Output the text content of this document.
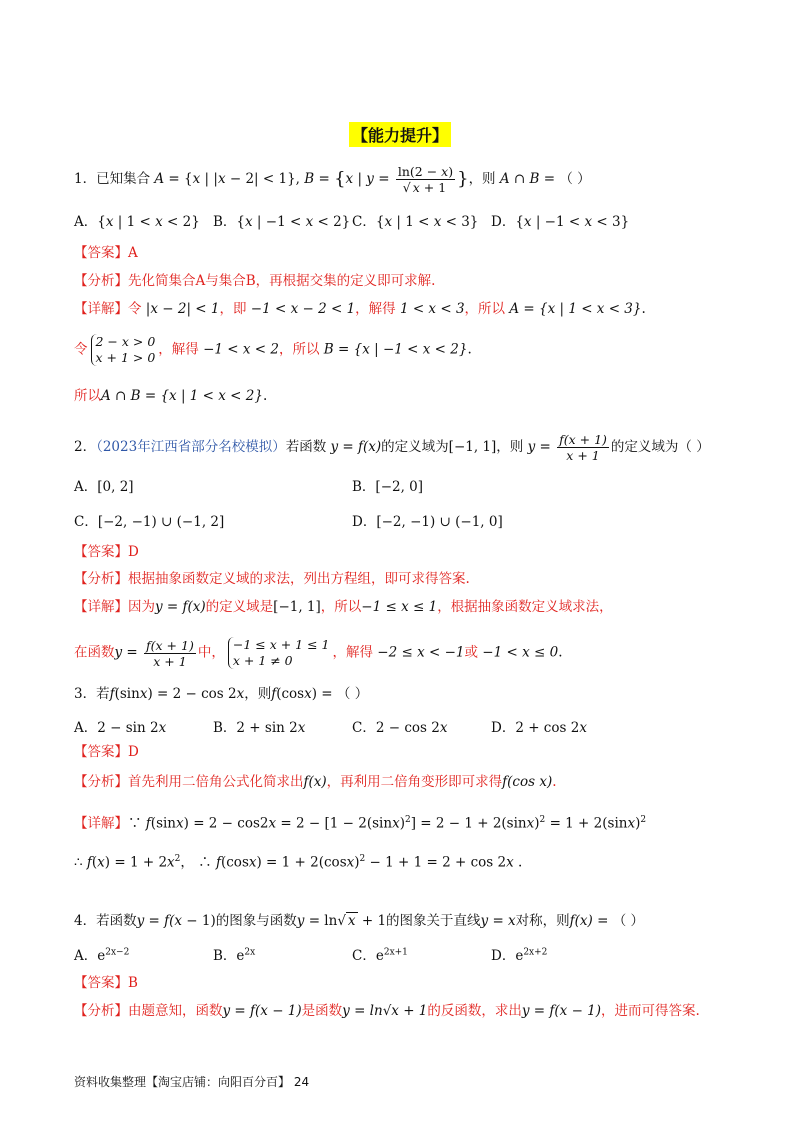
【能力提升】
1．已知集合 A = {x | |x − 2| < 1}, B = {x | $y = \frac{\ln(2 - x)}{√ x + 1}$ }，则 A ∩ B = （ ）
A．{x | 1 < x < 2} B．{x | −1 < x < 2} C．{x | 1 < x < 3} D．{x | −1 < x < 3}
【答案】A
【分析】先化简集合A与集合B，再根据交集的定义即可求解.
【详解】令 |x − 2| < 1，即 −1 < x − 2 < 1，解得 1 < x < 3，所以 A = {x | 1 < x < 3}.
令 2 − x > 0
x + 1 > 0 ，解得 −1 < x < 2，所以 B = {x | −1 < x < 2}.
所以A ∩ B = {x | 1 < x < 2}.
2．（2023年江西省部分名校模拟）若函数 y = f(x)的定义域为[−1, 1]，则 $y = \frac{f(x + 1)}{x + 1}$ 的定义域为（ ）
A．[0, 2]	B．[−2, 0]
C．[−2, −1) ∪ (−1, 2]	D．[−2, −1) ∪ (−1, 0]
【答案】D
【分析】根据抽象函数定义域的求法，列出方程组，即可求得答案.
【详解】因为y = f(x)的定义域是[−1, 1]，所以−1 ≤ x ≤ 1，根据抽象函数定义域求法，
在函数$y = \frac{f(x + 1)}{x + 1}$ 中， −1 ≤ x + 1 ≤ 1
x + 1 ≠ 0	，解得 −2 ≤ x < −1或 −1 < x ≤ 0.
3．若f(sinx) = 2 − cos 2x，则f(cosx) = （ ）
A．2 − sin 2x	B．2 + sin 2x	C．2 − cos 2x	D．2 + cos 2x
【答案】D
【分析】首先利用二倍角公式化简求出f(x)，再利用二倍角变形即可求得f(cos x).
【详解】∵ $f(\sin x) = 2 - \cos 2x = 2 - [1 - 2(\sin x)^2] = 2 - 1 + 2(\sin x)^2 = 1 + 2(\sin x)^2$
∴ $f(x) = 1 + 2x^2$， ∴ $f(\cos x) = 1 + 2(\cos x)^2 - 1 + 1 = 2 + \cos 2x$ .
4．若函数y = f(x − 1)的图象与函数y = ln√ x + 1的图象关于直线y = x对称，则f(x) = （ ）
A．$e^{2x-2}$	B．$e^{2x}$	C．$e^{2x+1}$	D．$e^{2x+2}$
【答案】B
【分析】由题意知，函数y = f(x − 1)是函数y = ln√x + 1的反函数，求出y = f(x − 1)，进而可得答案.
资料收集整理【淘宝店铺：向阳百分百】 24
